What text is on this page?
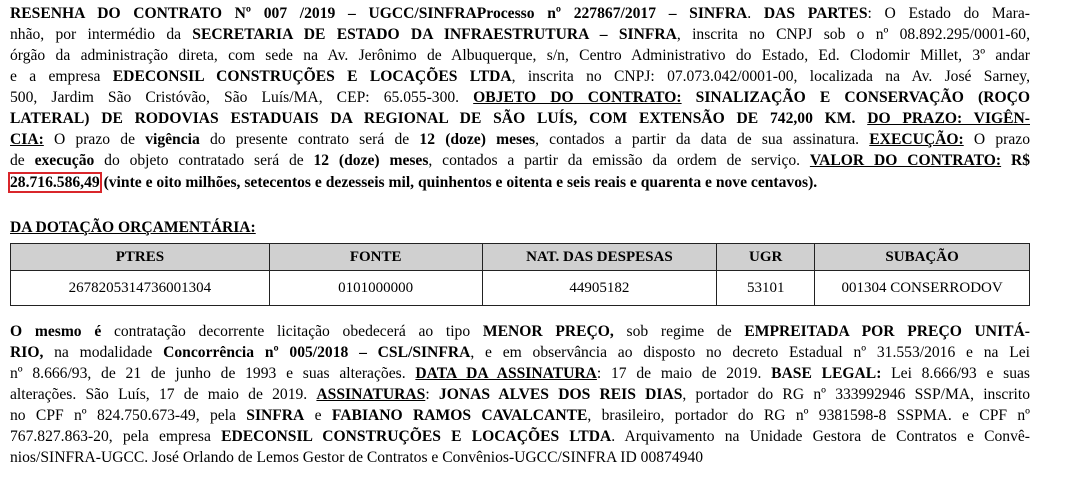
RESENHA DO CONTRATO Nº 007 /2019 – UGCC/SINFRAProcesso nº 227867/2017 – SINFRA. DAS PARTES: O Estado do Mara-
nhão, por intermédio da SECRETARIA DE ESTADO DA INFRAESTRUTURA – SINFRA, inscrita no CNPJ sob o nº 08.892.295/0001-60,
órgão da administração direta, com sede na Av. Jerônimo de Albuquerque, s/n, Centro Administrativo do Estado, Ed. Clodomir Millet, 3º andar
e a empresa EDECONSIL CONSTRUÇÕES E LOCAÇÕES LTDA, inscrita no CNPJ: 07.073.042/0001-00, localizada na Av. José Sarney,
500, Jardim São Cristóvão, São Luís/MA, CEP: 65.055-300. OBJETO DO CONTRATO: SINALIZAÇÃO E CONSERVAÇÃO (ROÇO
LATERAL) DE RODOVIAS ESTADUAIS DA REGIONAL DE SÃO LUÍS, COM EXTENSÃO DE 742,00 KM. DO PRAZO: VIGÊN-
CIA: O prazo de vigência do presente contrato será de 12 (doze) meses, contados a partir da data de sua assinatura. EXECUÇÃO: O prazo
de execução do objeto contratado será de 12 (doze) meses, contados a partir da emissão da ordem de serviço. VALOR DO CONTRATO: R$
28.716.586,49 (vinte e oito milhões, setecentos e dezesseis mil, quinhentos e oitenta e seis reais e quarenta e nove centavos).
DA DOTAÇÃO ORÇAMENTÁRIA:
PTRES	FONTE	NAT. DAS DESPESAS	UGR	SUBAÇÃO
2678205314736001304	0101000000	44905182	53101	001304 CONSERRODOV
O mesmo é contratação decorrente licitação obedecerá ao tipo MENOR PREÇO, sob regime de EMPREITADA POR PREÇO UNITÁ-
RIO, na modalidade Concorrência nº 005/2018 – CSL/SINFRA, e em observância ao disposto no decreto Estadual nº 31.553/2016 e na Lei
nº 8.666/93, de 21 de junho de 1993 e suas alterações. DATA DA ASSINATURA: 17 de maio de 2019. BASE LEGAL: Lei 8.666/93 e suas
alterações. São Luís, 17 de maio de 2019. ASSINATURAS: JONAS ALVES DOS REIS DIAS, portador do RG nº 333992946 SSP/MA, inscrito
no CPF nº 824.750.673-49, pela SINFRA e FABIANO RAMOS CAVALCANTE, brasileiro, portador do RG nº 9381598-8 SSPMA. e CPF nº
767.827.863-20, pela empresa EDECONSIL CONSTRUÇÕES E LOCAÇÕES LTDA. Arquivamento na Unidade Gestora de Contratos e Convê-
nios/SINFRA-UGCC. José Orlando de Lemos Gestor de Contratos e Convênios-UGCC/SINFRA ID 00874940
